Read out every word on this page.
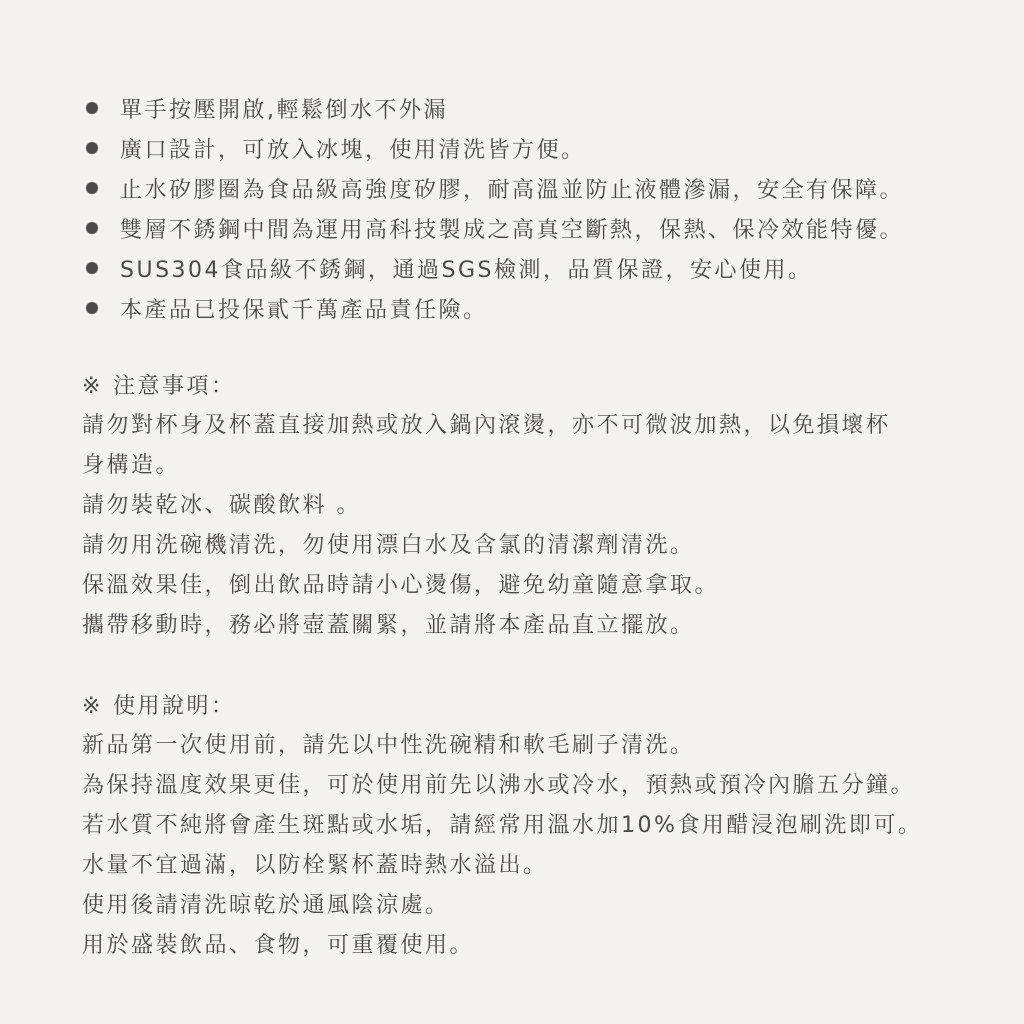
單手按壓開啟,輕鬆倒水不外漏
廣口設計，可放入冰塊，使用清洗皆方便。
止水矽膠圈為食品級高強度矽膠，耐高溫並防止液體滲漏，安全有保障。
雙層不銹鋼中間為運用高科技製成之高真空斷熱，保熱、保冷效能特優。
SUS304食品級不銹鋼，通過SGS檢測，品質保證，安心使用。
本產品已投保貳千萬產品責任險。
※ 注意事項：
請勿對杯身及杯蓋直接加熱或放入鍋內滾燙，亦不可微波加熱，以免損壞杯身構造。
請勿裝乾冰、碳酸飲料 。
請勿用洗碗機清洗，勿使用漂白水及含氯的清潔劑清洗。
保溫效果佳，倒出飲品時請小心燙傷，避免幼童隨意拿取。
攜帶移動時，務必將壺蓋關緊，並請將本產品直立擺放。
※ 使用說明：
新品第一次使用前，請先以中性洗碗精和軟毛刷子清洗。
為保持溫度效果更佳，可於使用前先以沸水或冷水，預熱或預冷內膽五分鐘。
若水質不純將會產生斑點或水垢，請經常用溫水加10%食用醋浸泡刷洗即可。
水量不宜過滿，以防栓緊杯蓋時熱水溢出。
使用後請清洗晾乾於通風陰涼處。
用於盛裝飲品、食物，可重覆使用。
